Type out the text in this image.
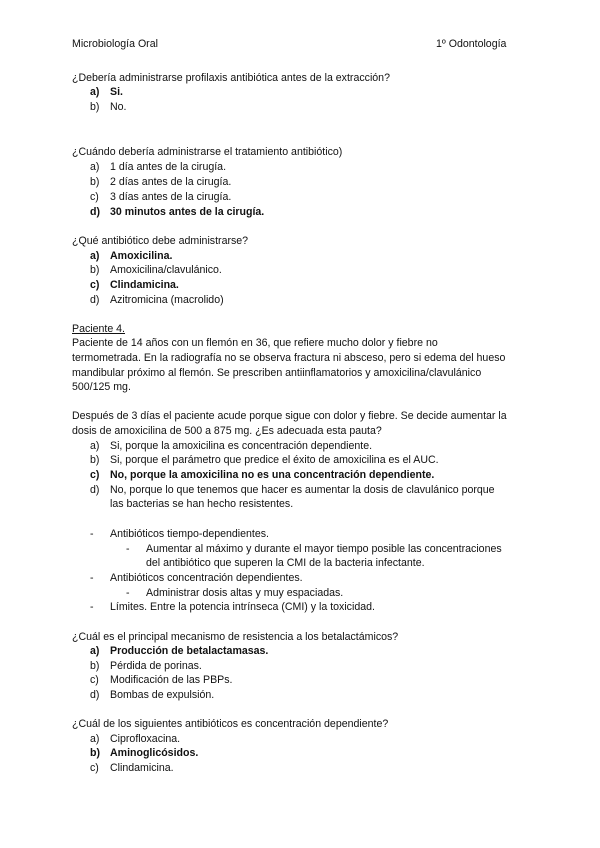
Microbiología Oral	1º Odontología
¿Debería administrarse profilaxis antibiótica antes de la extracción?
a) Si.
b) No.
¿Cuándo debería administrarse el tratamiento antibiótico)
a) 1 día antes de la cirugía.
b) 2 días antes de la cirugía.
c)	3 días antes de la cirugía.
d) 30 minutos antes de la cirugía.
¿Qué antibiótico debe administrarse?
a) Amoxicilina.
b) Amoxicilina/clavulánico.
c) Clindamicina.
d) Azitromicina (macrolido)
Paciente 4.
Paciente de 14 años con un flemón en 36, que refiere mucho dolor y fiebre no
termometrada. En la radiografía no se observa fractura ni absceso, pero si edema del hueso
mandibular próximo al flemón. Se prescriben antiinflamatorios y amoxicilina/clavulánico
500/125 mg.
Después de 3 días el paciente acude porque sigue con dolor y fiebre. Se decide aumentar la
dosis de amoxicilina de 500 a 875 mg. ¿Es adecuada esta pauta?
a) Si, porque la amoxicilina es concentración dependiente.
b) Si, porque el parámetro que predice el éxito de amoxicilina es el AUC.
c) No, porque la amoxicilina no es una concentración dependiente.
d) No, porque lo que tenemos que hacer es aumentar la dosis de clavulánico porque
las bacterias se han hecho resistentes.
- Antibióticos tiempo-dependientes.
- Aumentar al máximo y durante el mayor tiempo posible las concentraciones
del antibiótico que superen la CMI de la bacteria infectante.
- Antibióticos concentración dependientes.
- Administrar dosis altas y muy espaciadas.
- Límites. Entre la potencia intrínseca (CMI) y la toxicidad.
¿Cuál es el principal mecanismo de resistencia a los betalactámicos?
a) Producción de betalactamasas.
b) Pérdida de porinas.
c)	Modificación de las PBPs.
d) Bombas de expulsión.
¿Cuál de los siguientes antibióticos es concentración dependiente?
a) Ciprofloxacina.
b) Aminoglicósidos.
c)	Clindamicina.
